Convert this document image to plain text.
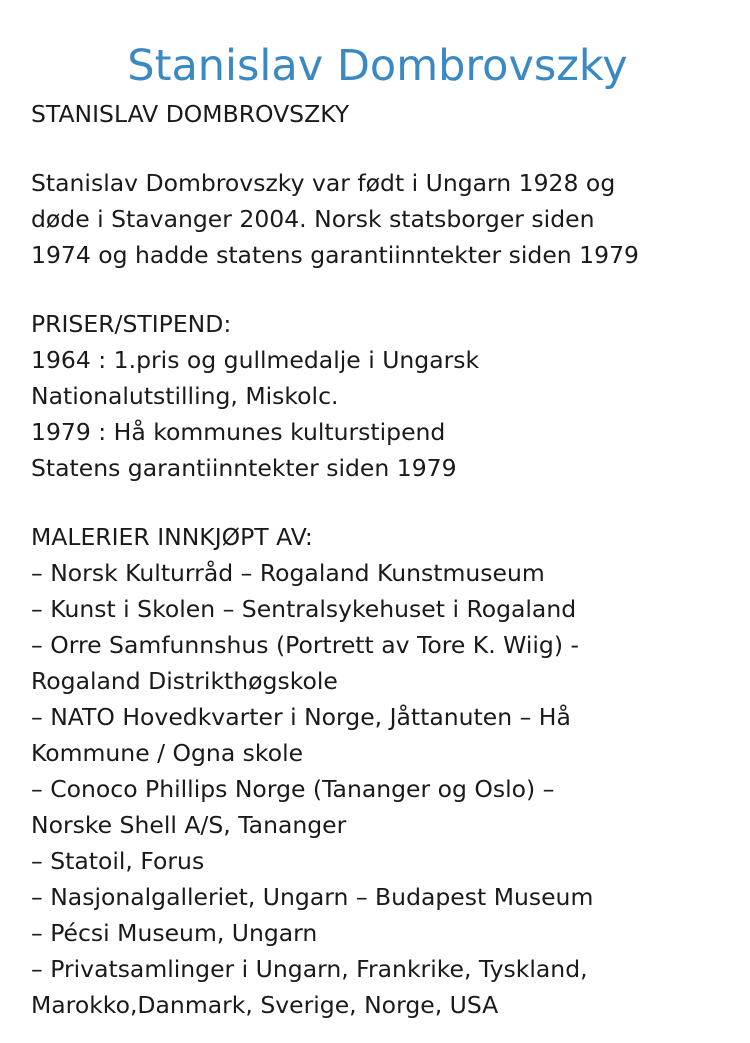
Stanislav Dombrovszky
STANISLAV DOMBROVSZKY
Stanislav Dombrovszky var født i Ungarn 1928 og
døde i Stavanger 2004. Norsk statsborger siden
1974 og hadde statens garantiinntekter siden 1979
PRISER/STIPEND:
1964 : 1.pris og gullmedalje i Ungarsk
Nationalutstilling, Miskolc.
1979 : Hå kommunes kulturstipend
Statens garantiinntekter siden 1979
MALERIER INNKJØPT AV:
– Norsk Kulturråd – Rogaland Kunstmuseum
– Kunst i Skolen – Sentralsykehuset i Rogaland
– Orre Samfunnshus (Portrett av Tore K. Wiig) -
Rogaland Distrikthøgskole
– NATO Hovedkvarter i Norge, Jåttanuten – Hå
Kommune / Ogna skole
– Conoco Phillips Norge (Tananger og Oslo) –
Norske Shell A/S, Tananger
– Statoil, Forus
– Nasjonalgalleriet, Ungarn – Budapest Museum
– Pécsi Museum, Ungarn
– Privatsamlinger i Ungarn, Frankrike, Tyskland,
Marokko,Danmark, Sverige, Norge, USA
